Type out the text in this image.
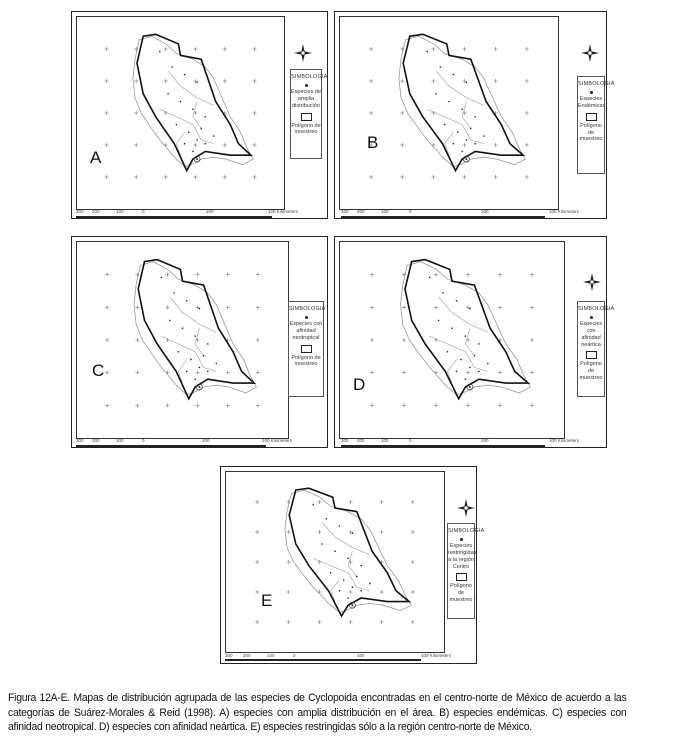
A
SIMBOLOGIA
Especies de amplia distribución
Polígono de muestreo
300 200	100	0	100	100 Kilometers
B
SIMBOLOGIA
Especies Endémicas
Polígono de muestreo
300 200	100	0	100	100 Kilometers
C
SIMBOLOGIA
Especies con afinidad neotropical
Polígono de muestreo
300 200	100	0	100	100 Kilometers
D
SIMBOLOGIA
Especies con afinidad neártica
Polígono de muestreo
300 200	100	0	100	100 Kilometers
E
SIMBOLOGIA
Especies restringidas a la región Centro
Polígono de muestreo
300 200	100	0	100	100 Kilometers

Figura 12A-E. Mapas de distribución agrupada de las especies de Cyclopoida encontradas en el centro-norte de México de acuerdo a las categorías de Suárez-Morales & Reid (1998). A) especies con amplia distribución en el área. B) especies endémicas. C) especies con afinidad neotropical. D) especies con afinidad neártica. E) especies restringidas sólo a la región centro-norte de México.
